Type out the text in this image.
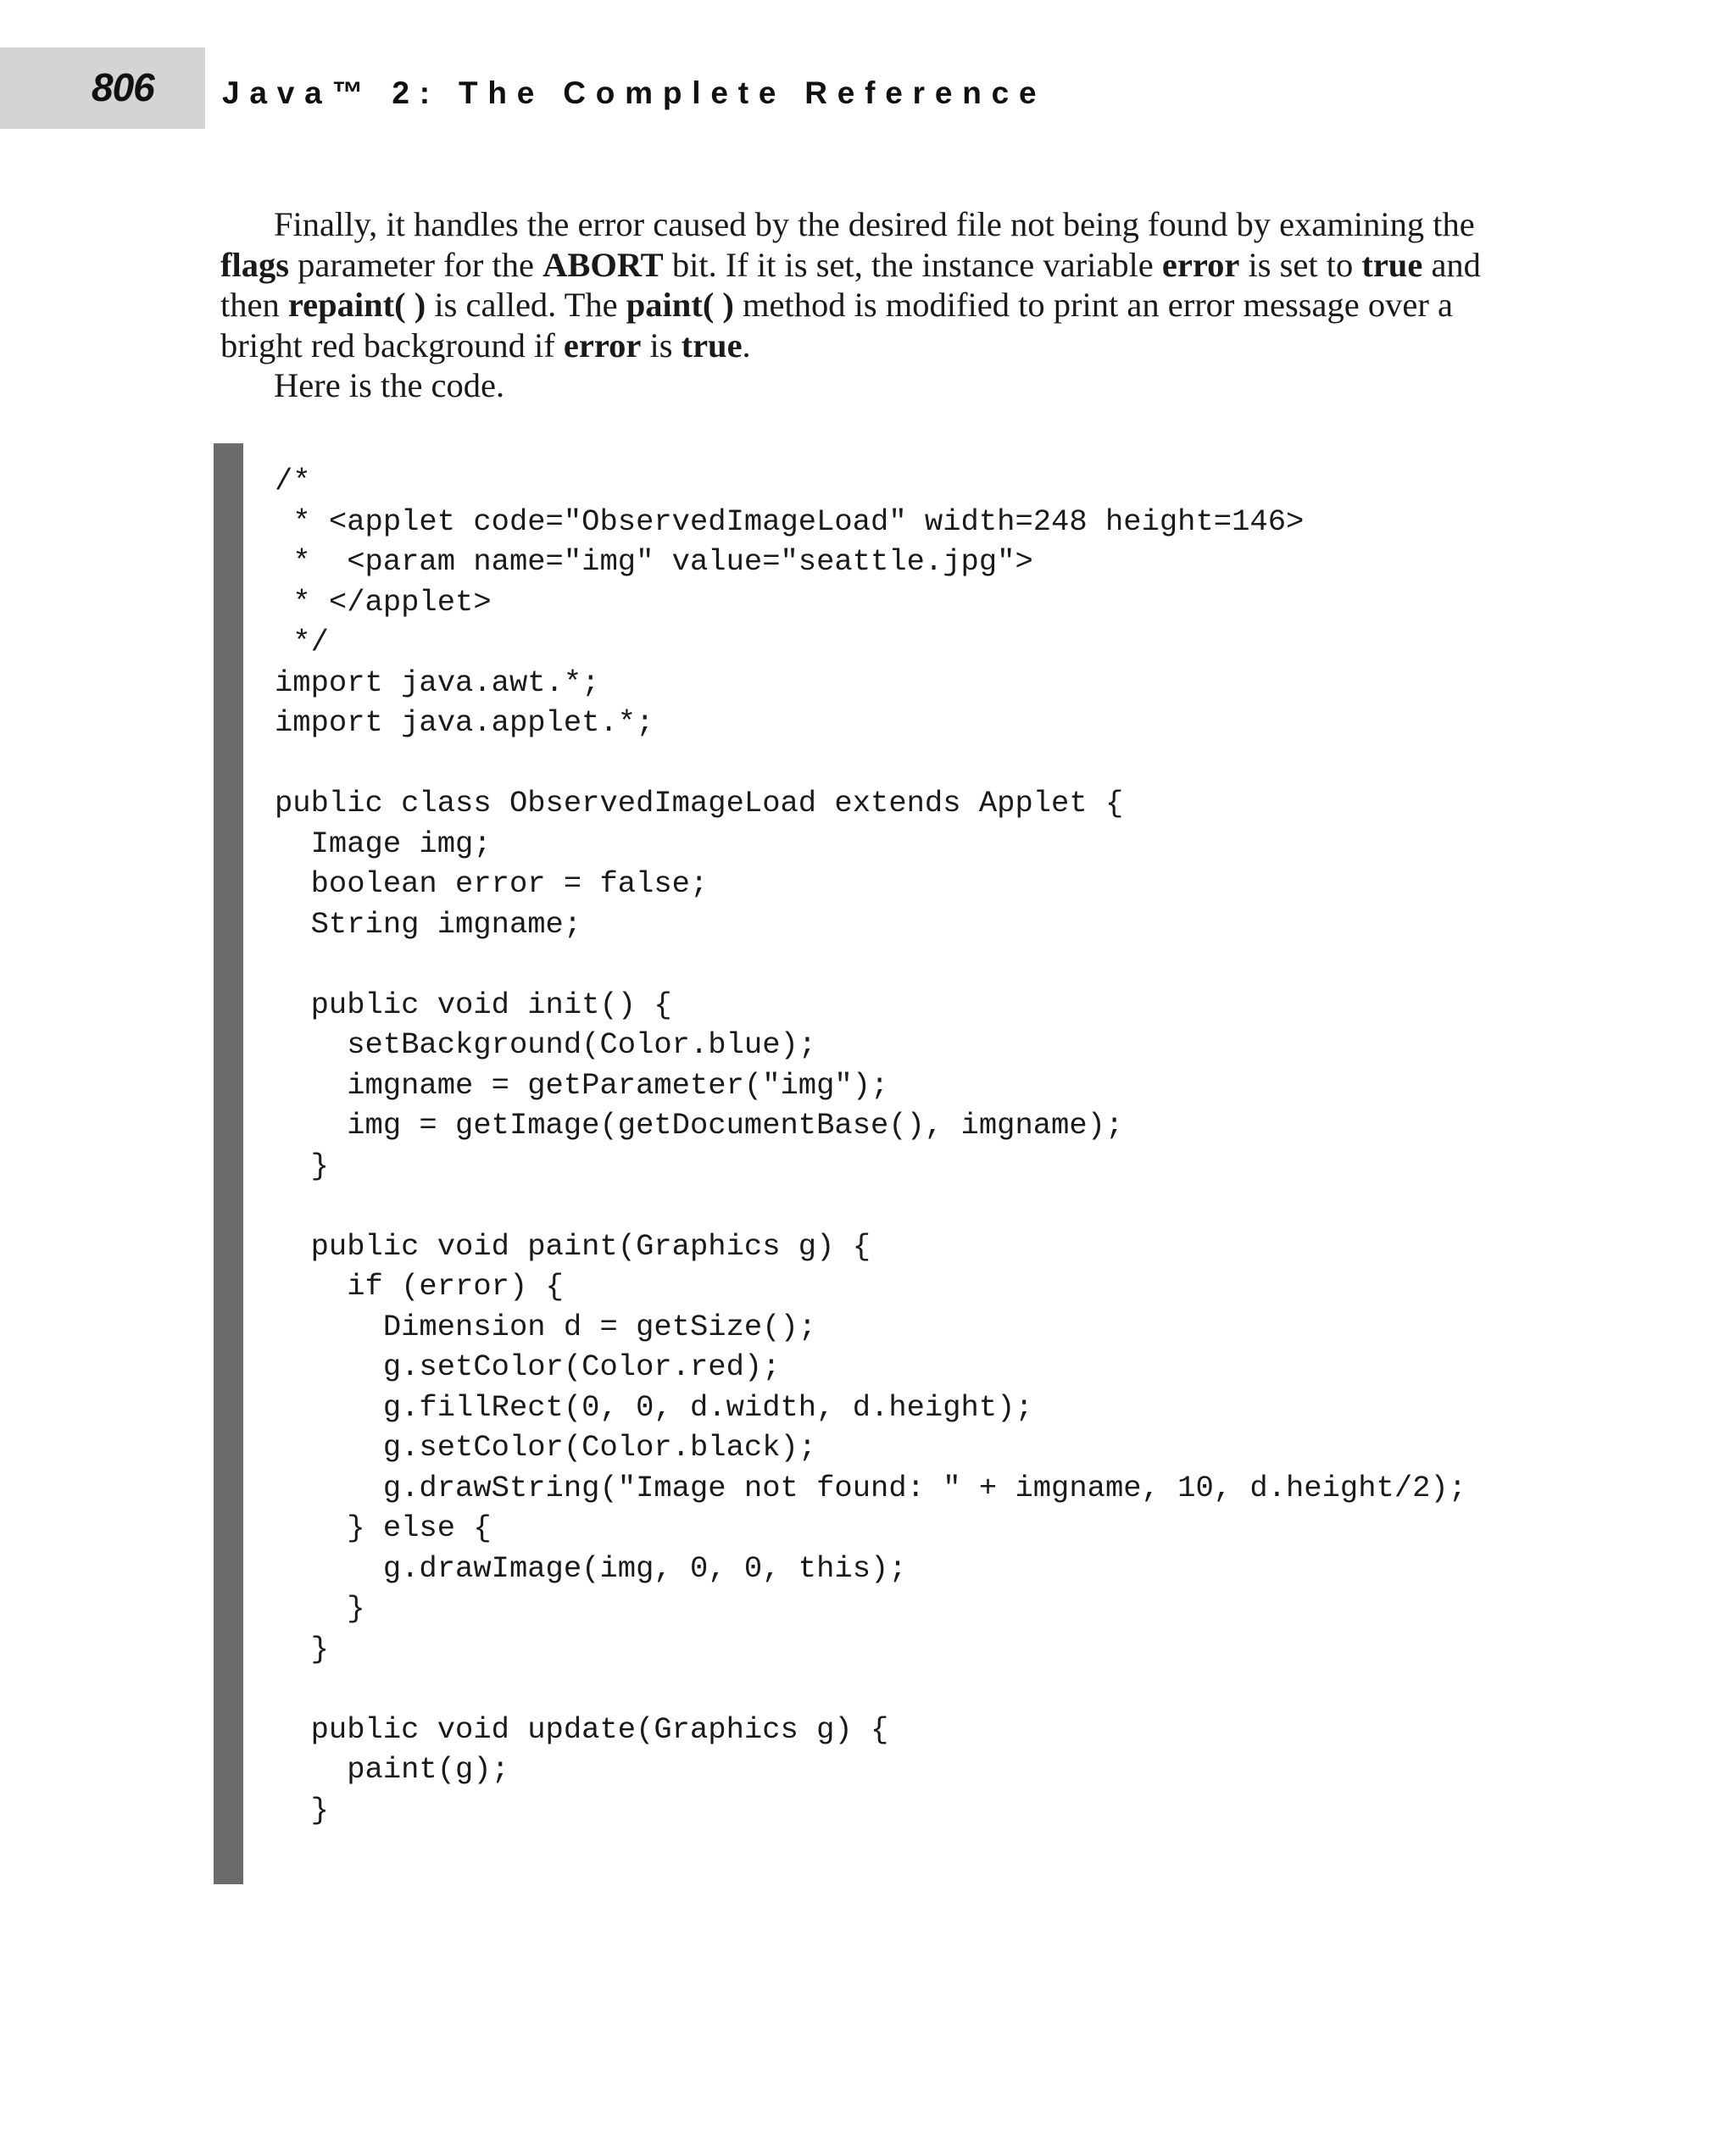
806 Java™ 2: The Complete Reference

Finally, it handles the error caused by the desired file not being found by examining the flags parameter for the ABORT bit. If it is set, the instance variable error is set to true and then repaint( ) is called. The paint( ) method is modified to print an error message over a bright red background if error is true.

Here is the code.

/*
* <applet code="ObservedImageLoad" width=248 height=146>
*  <param name="img" value="seattle.jpg">
* </applet>
*/
import java.awt.*;
import java.applet.*;
public class ObservedImageLoad extends Applet {
Image img;
boolean error = false;
String imgname;
public void init() {
setBackground(Color.blue);
imgname = getParameter("img");
img = getImage(getDocumentBase(), imgname);
}
public void paint(Graphics g) {
if (error) {
Dimension d = getSize();
g.setColor(Color.red);
g.fillRect(0, 0, d.width, d.height);
g.setColor(Color.black);
g.drawString("Image not found: " + imgname, 10, d.height/2);
} else {
g.drawImage(img, 0, 0, this);
}
}
public void update(Graphics g) {
paint(g);
}
